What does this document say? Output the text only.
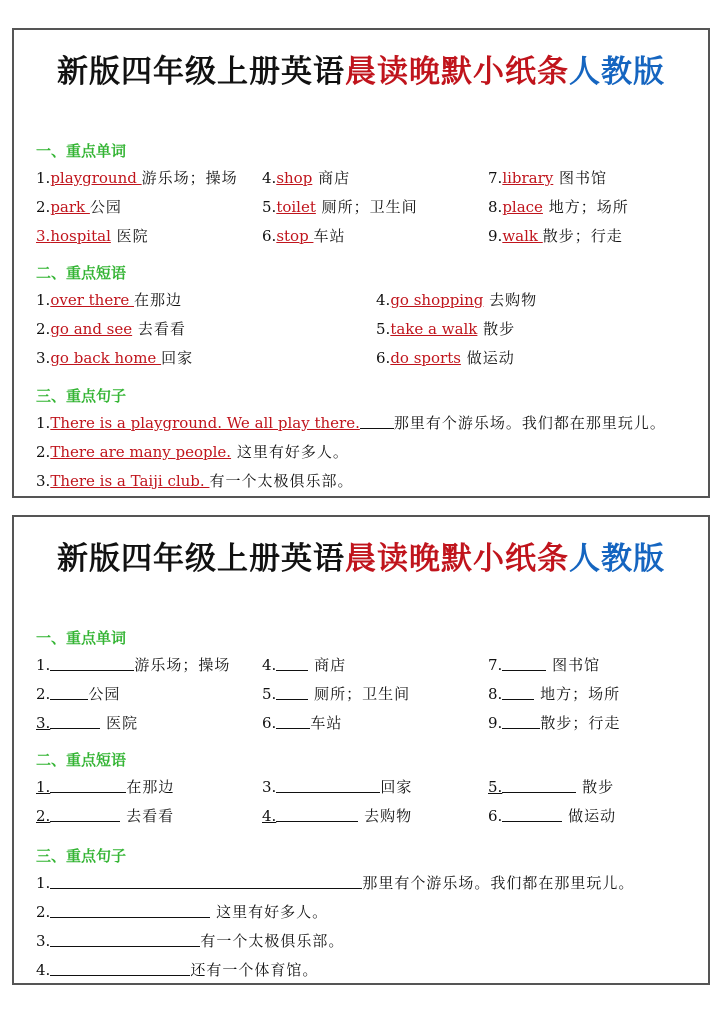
新版四年级上册英语晨读晚默小纸条人教版
一、重点单词
1.playground 游乐场；操场 4.shop 商店	7.library 图书馆
2.park 公园	5.toilet 厕所；卫生间	8.place 地方；场所
3.hospital 医院	6.stop 车站	9.walk 散步；行走
二、重点短语
1.over there 在那边	4.go shopping 去购物
2.go and see 去看看	5.take a walk 散步
3.go back home 回家	6.do sports 做运动
三、重点句子
1.There is a playground. We all play there. 那里有个游乐场。我们都在那里玩儿。
2.There are many people. 这里有好多人。
3.There is a Taiji club. 有一个太极俱乐部。
新版四年级上册英语晨读晚默小纸条人教版
一、重点单词
1.	游乐场；操场 4. 商店	7.	图书馆
2.	公园	5. 厕所；卫生间	8. 地方；场所
3.	医院	6. 车站	9.	散步；行走
二、重点短语
1.	在那边	3.	回家	5.	散步
2.	去看看	4.	去购物	6.	做运动
三、重点句子
1.	那里有个游乐场。我们都在那里玩儿。
2.	这里有好多人。
3.	有一个太极俱乐部。
4.	还有一个体育馆。
